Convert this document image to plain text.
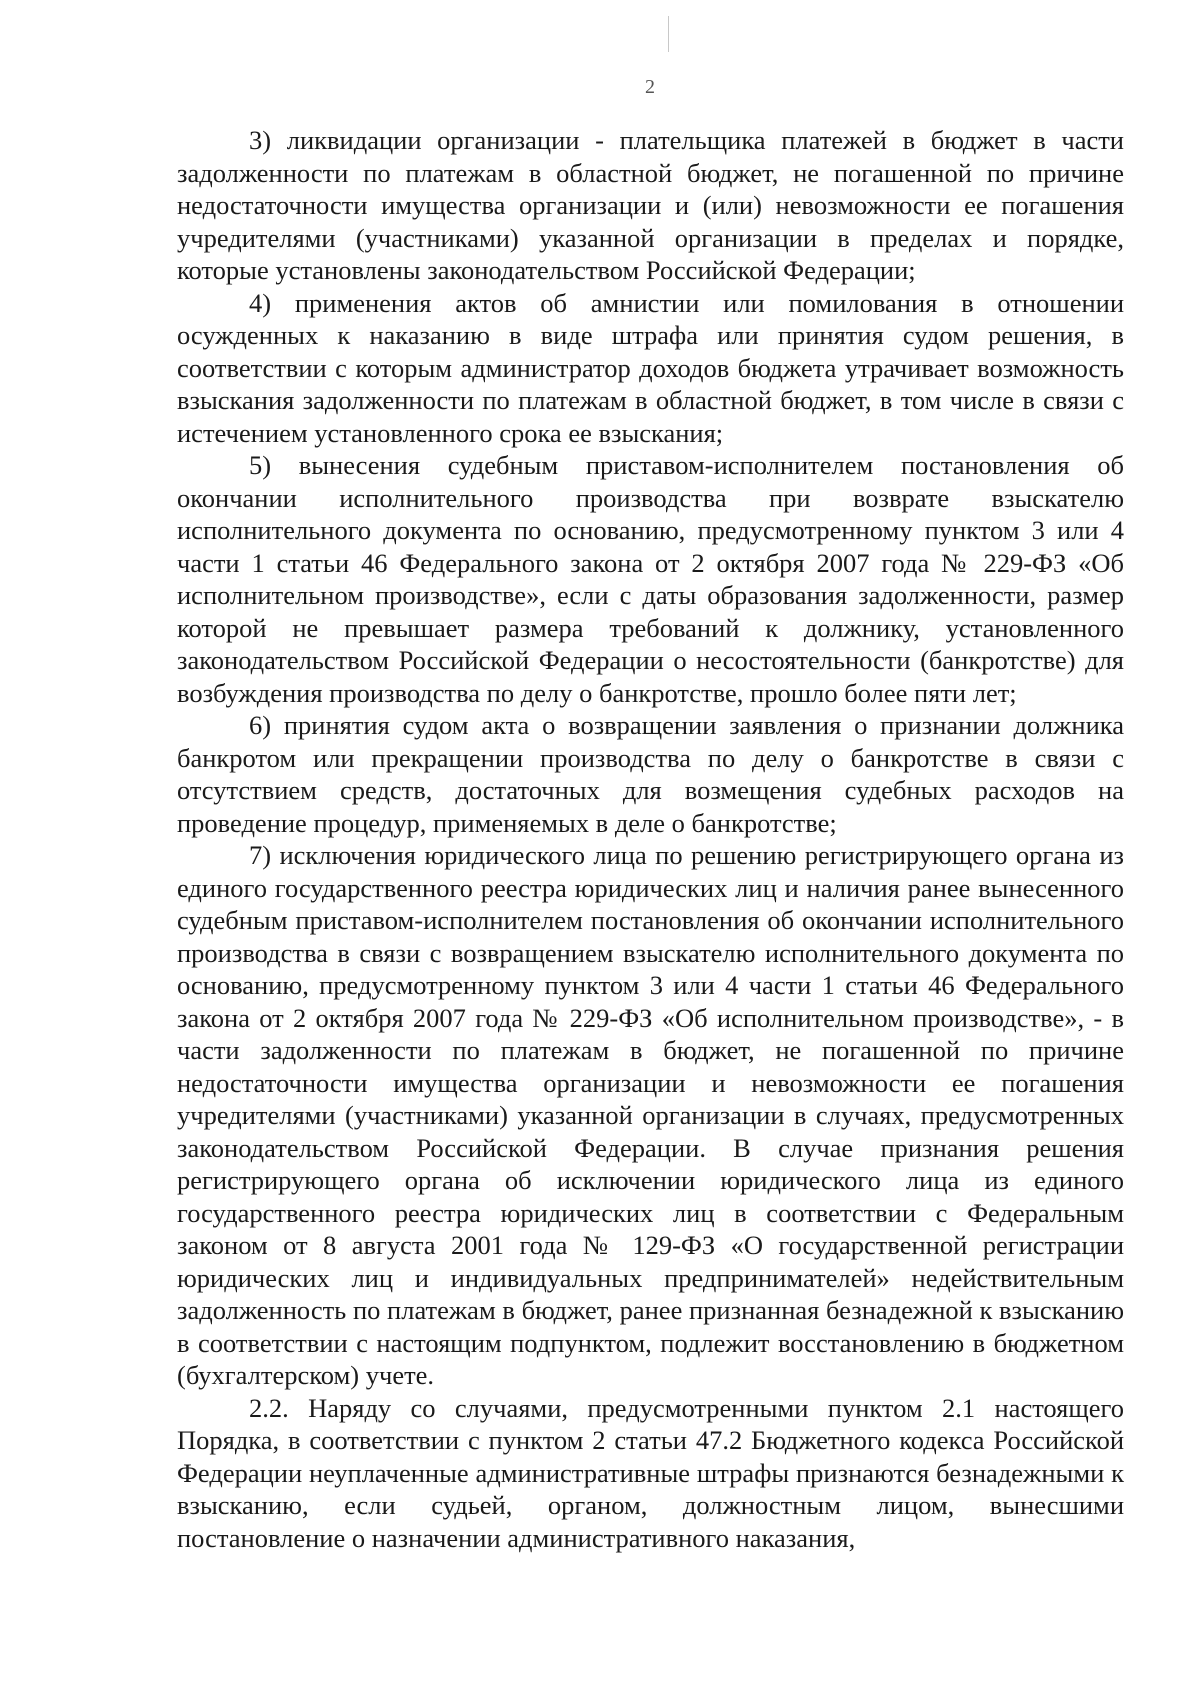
2

3) ликвидации организации - плательщика платежей в бюджет в части задолженности по платежам в областной бюджет, не погашенной по причине недостаточности имущества организации и (или) невозможности ее погашения учредителями (участниками) указанной организации в пределах и порядке, которые установлены законодательством Российской Федерации;

4) применения актов об амнистии или помилования в отношении осужденных к наказанию в виде штрафа или принятия судом решения, в соответствии с которым администратор доходов бюджета утрачивает возможность взыскания задолженности по платежам в областной бюджет, в том числе в связи с истечением установленного срока ее взыскания;

5) вынесения судебным приставом-исполнителем постановления об окончании исполнительного производства при возврате взыскателю исполнительного документа по основанию, предусмотренному пунктом 3 или 4 части 1 статьи 46 Федерального закона от 2 октября 2007 года № 229-ФЗ «Об исполнительном производстве», если с даты образования задолженности, размер которой не превышает размера требований к должнику, установленного законодательством Российской Федерации о несостоятельности (банкротстве) для возбуждения производства по делу о банкротстве, прошло более пяти лет;

6) принятия судом акта о возвращении заявления о признании должника банкротом или прекращении производства по делу о банкротстве в связи с отсутствием средств, достаточных для возмещения судебных расходов на проведение процедур, применяемых в деле о банкротстве;

7) исключения юридического лица по решению регистрирующего органа из единого государственного реестра юридических лиц и наличия ранее вынесенного судебным приставом-исполнителем постановления об окончании исполнительного производства в связи с возвращением взыскателю исполнительного документа по основанию, предусмотренному пунктом 3 или 4 части 1 статьи 46 Федерального закона от 2 октября 2007 года № 229-ФЗ «Об исполнительном производстве», - в части задолженности по платежам в бюджет, не погашенной по причине недостаточности имущества организации и невозможности ее погашения учредителями (участниками) указанной организации в случаях, предусмотренных законодательством Российской Федерации. В случае признания решения регистрирующего органа об исключении юридического лица из единого государственного реестра юридических лиц в соответствии с Федеральным законом от 8 августа 2001 года № 129-ФЗ «О государственной регистрации юридических лиц и индивидуальных предпринимателей» недействительным задолженность по платежам в бюджет, ранее признанная безнадежной к взысканию в соответствии с настоящим подпунктом, подлежит восстановлению в бюджетном (бухгалтерском) учете.

2.2. Наряду со случаями, предусмотренными пунктом 2.1 настоящего Порядка, в соответствии с пунктом 2 статьи 47.2 Бюджетного кодекса Российской Федерации неуплаченные административные штрафы признаются безнадежными к взысканию, если судьей, органом, должностным лицом, вынесшими постановление о назначении административного наказания,
